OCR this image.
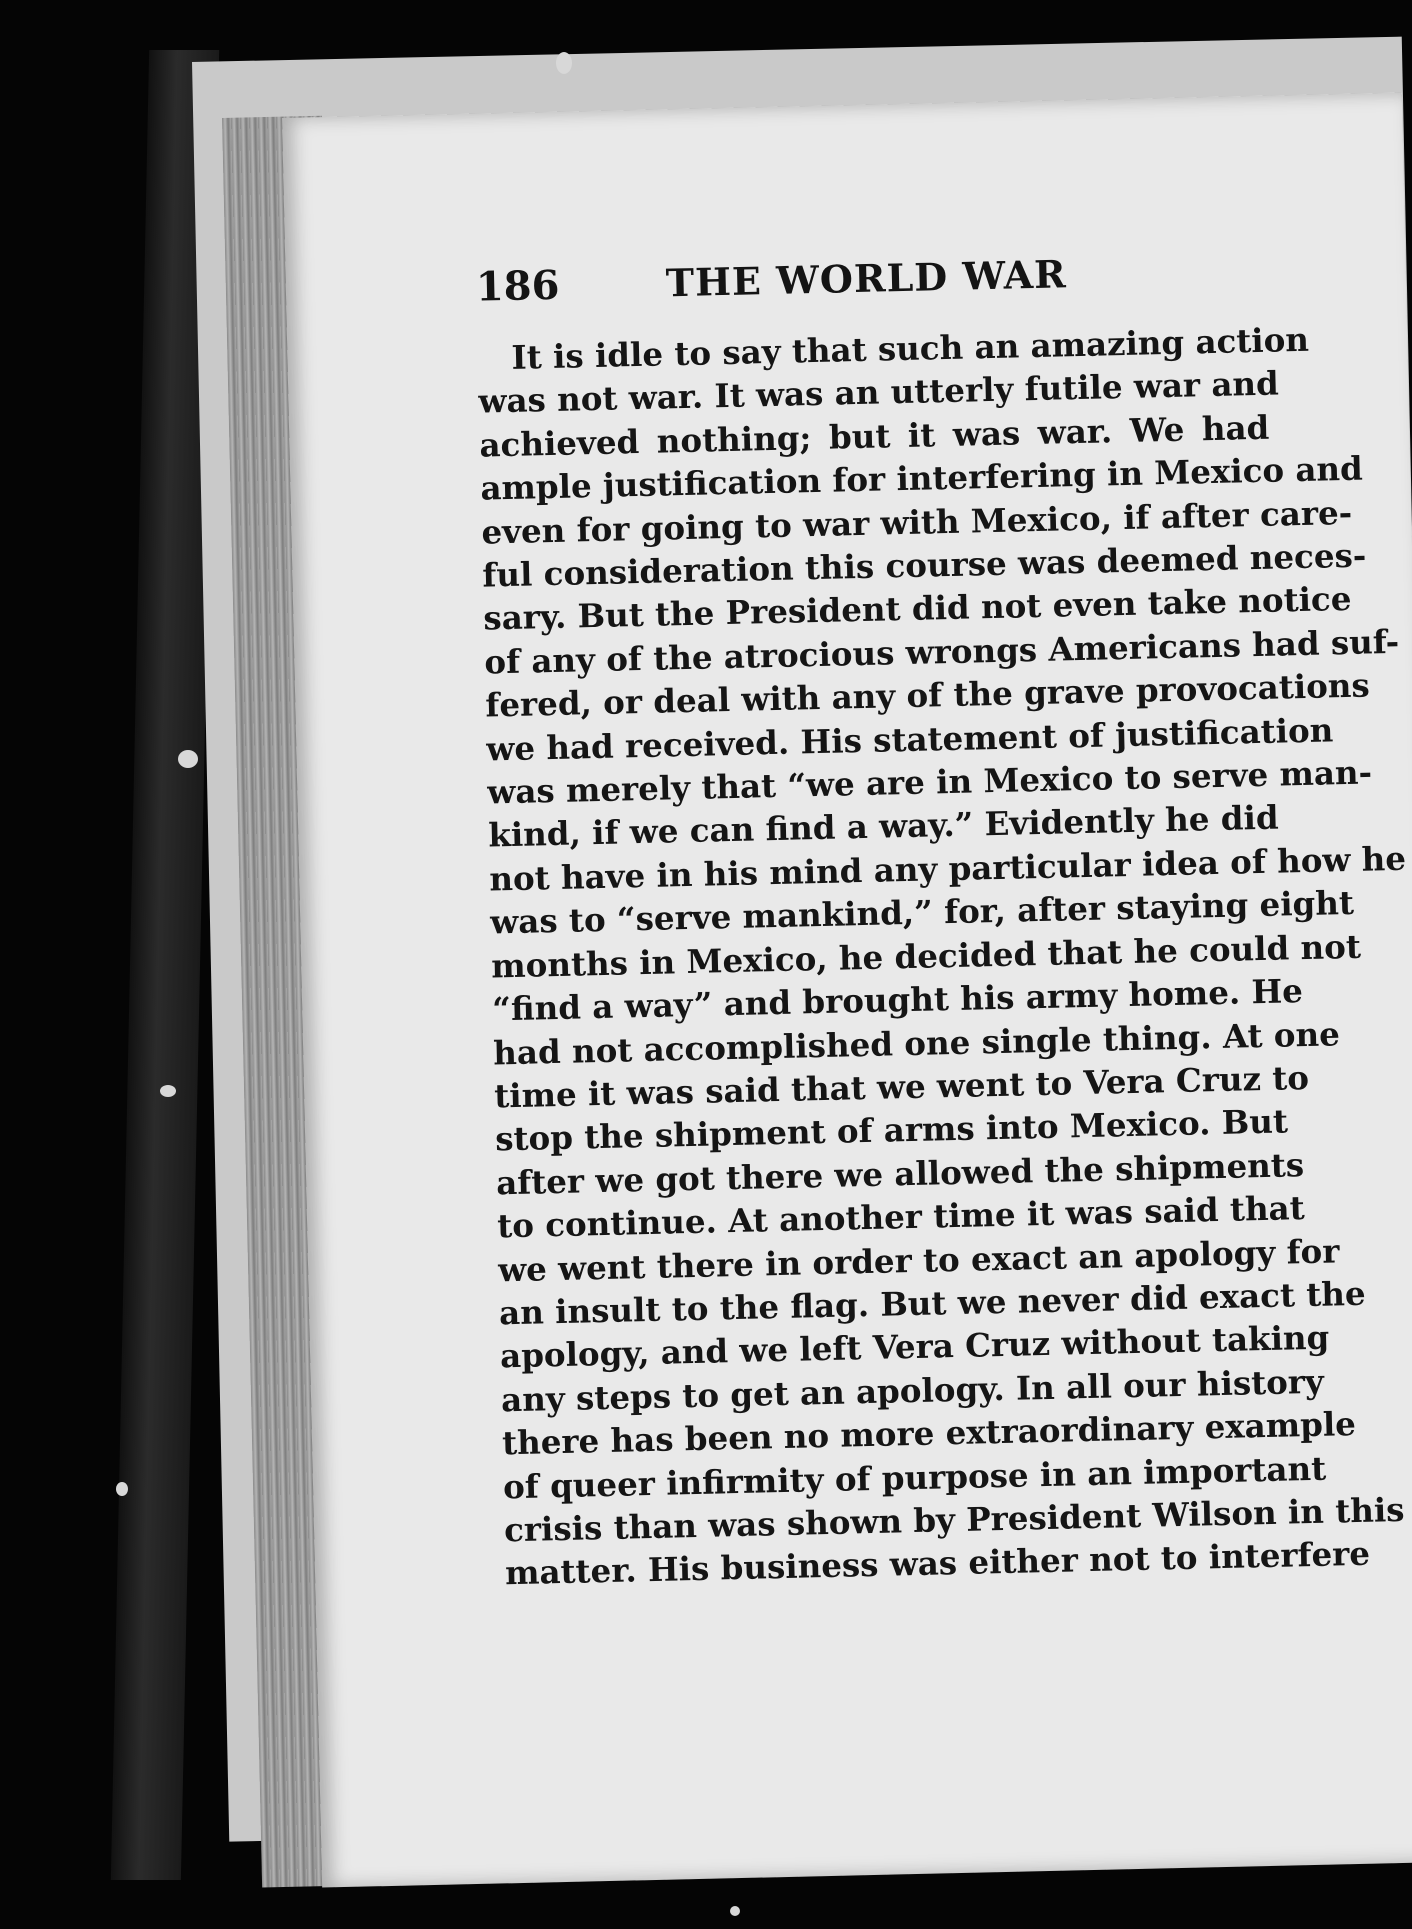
186	THE WORLD WAR
It is idle to say that such an amazing action
was not war. It was an utterly futile war and
achieved nothing; but it was war. We had
ample justification for interfering in Mexico and
even for going to war with Mexico, if after care-
ful consideration this course was deemed neces-
sary. But the President did not even take notice
of any of the atrocious wrongs Americans had suf-
fered, or deal with any of the grave provocations
we had received. His statement of justification
was merely that “we are in Mexico to serve man-
kind, if we can find a way.” Evidently he did
not have in his mind any particular idea of how he
was to “serve mankind,” for, after staying eight
months in Mexico, he decided that he could not
“find a way” and brought his army home. He
had not accomplished one single thing. At one
time it was said that we went to Vera Cruz to
stop the shipment of arms into Mexico. But
after we got there we allowed the shipments
to continue. At another time it was said that
we went there in order to exact an apology for
an insult to the flag. But we never did exact the
apology, and we left Vera Cruz without taking
any steps to get an apology. In all our history
there has been no more extraordinary example
of queer infirmity of purpose in an important
crisis than was shown by President Wilson in this
matter. His business was either not to interfere
